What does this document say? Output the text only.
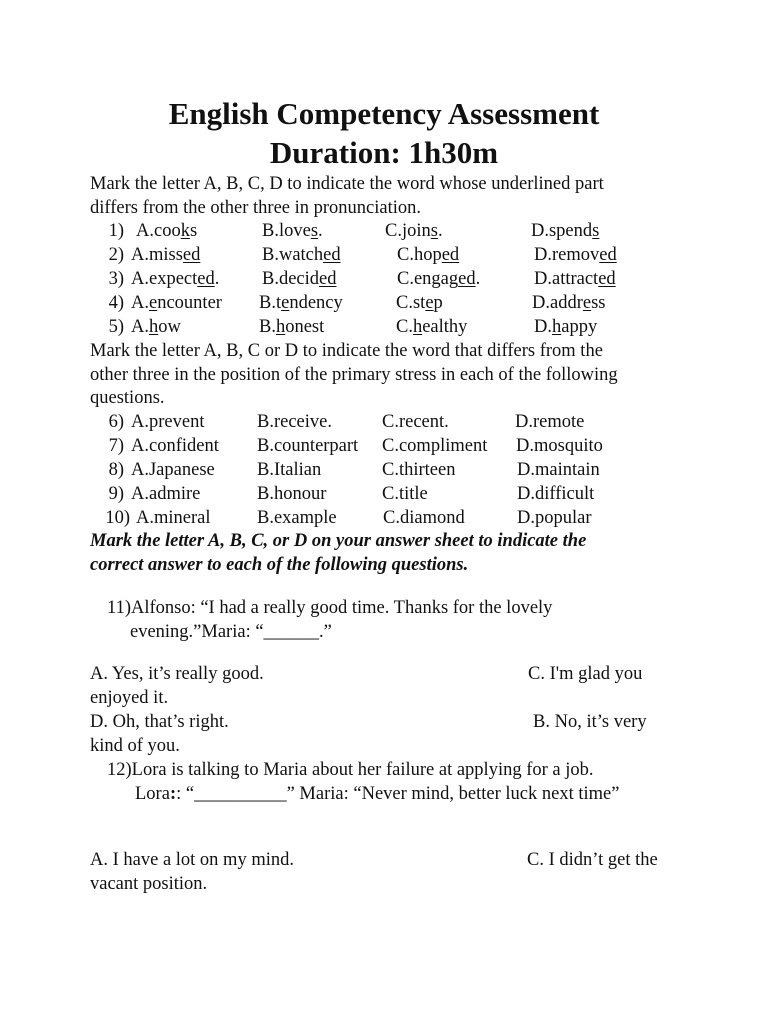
English Competency Assessment
Duration: 1h30m
Mark the letter A, B, C, D to indicate the word whose underlined part
differs from the other three in pronunciation.
1) A.cooks	B.loves.	C.joins.	D.spends
2) A.missed	B.watched	C.hoped	D.removed
3) A.expected. B.decided	C.engaged.	D.attracted
4) A.encounter B.tendency	C.step	D.address
5) A.how	B.honest	C.healthy	D.happy
Mark the letter A, B, C or D to indicate the word that differs from the
other three in the position of the primary stress in each of the following
questions.
6) A.prevent	B.receive.	C.recent.	D.remote
7) A.confident B.counterpart C.compliment D.mosquito
8) A.Japanese B.Italian	C.thirteen	D.maintain
9) A.admire	B.honour	C.title	D.difficult
10) A.mineral	B.example	C.diamond	D.popular
Mark the letter A, B, C, or D on your answer sheet to indicate the
correct answer to each of the following questions.
11)Alfonso: “I had a really good time. Thanks for the lovely
evening.”Maria: “______.”
A. Yes, it’s really good.	C. I'm glad you
enjoyed it.
D. Oh, that’s right.	B. No, it’s very
kind of you.
12)Lora is talking to Maria about her failure at applying for a job.
Lora:: “__________” Maria: “Never mind, better luck next time”
A. I have a lot on my mind.	C. I didn’t get the
vacant position.
